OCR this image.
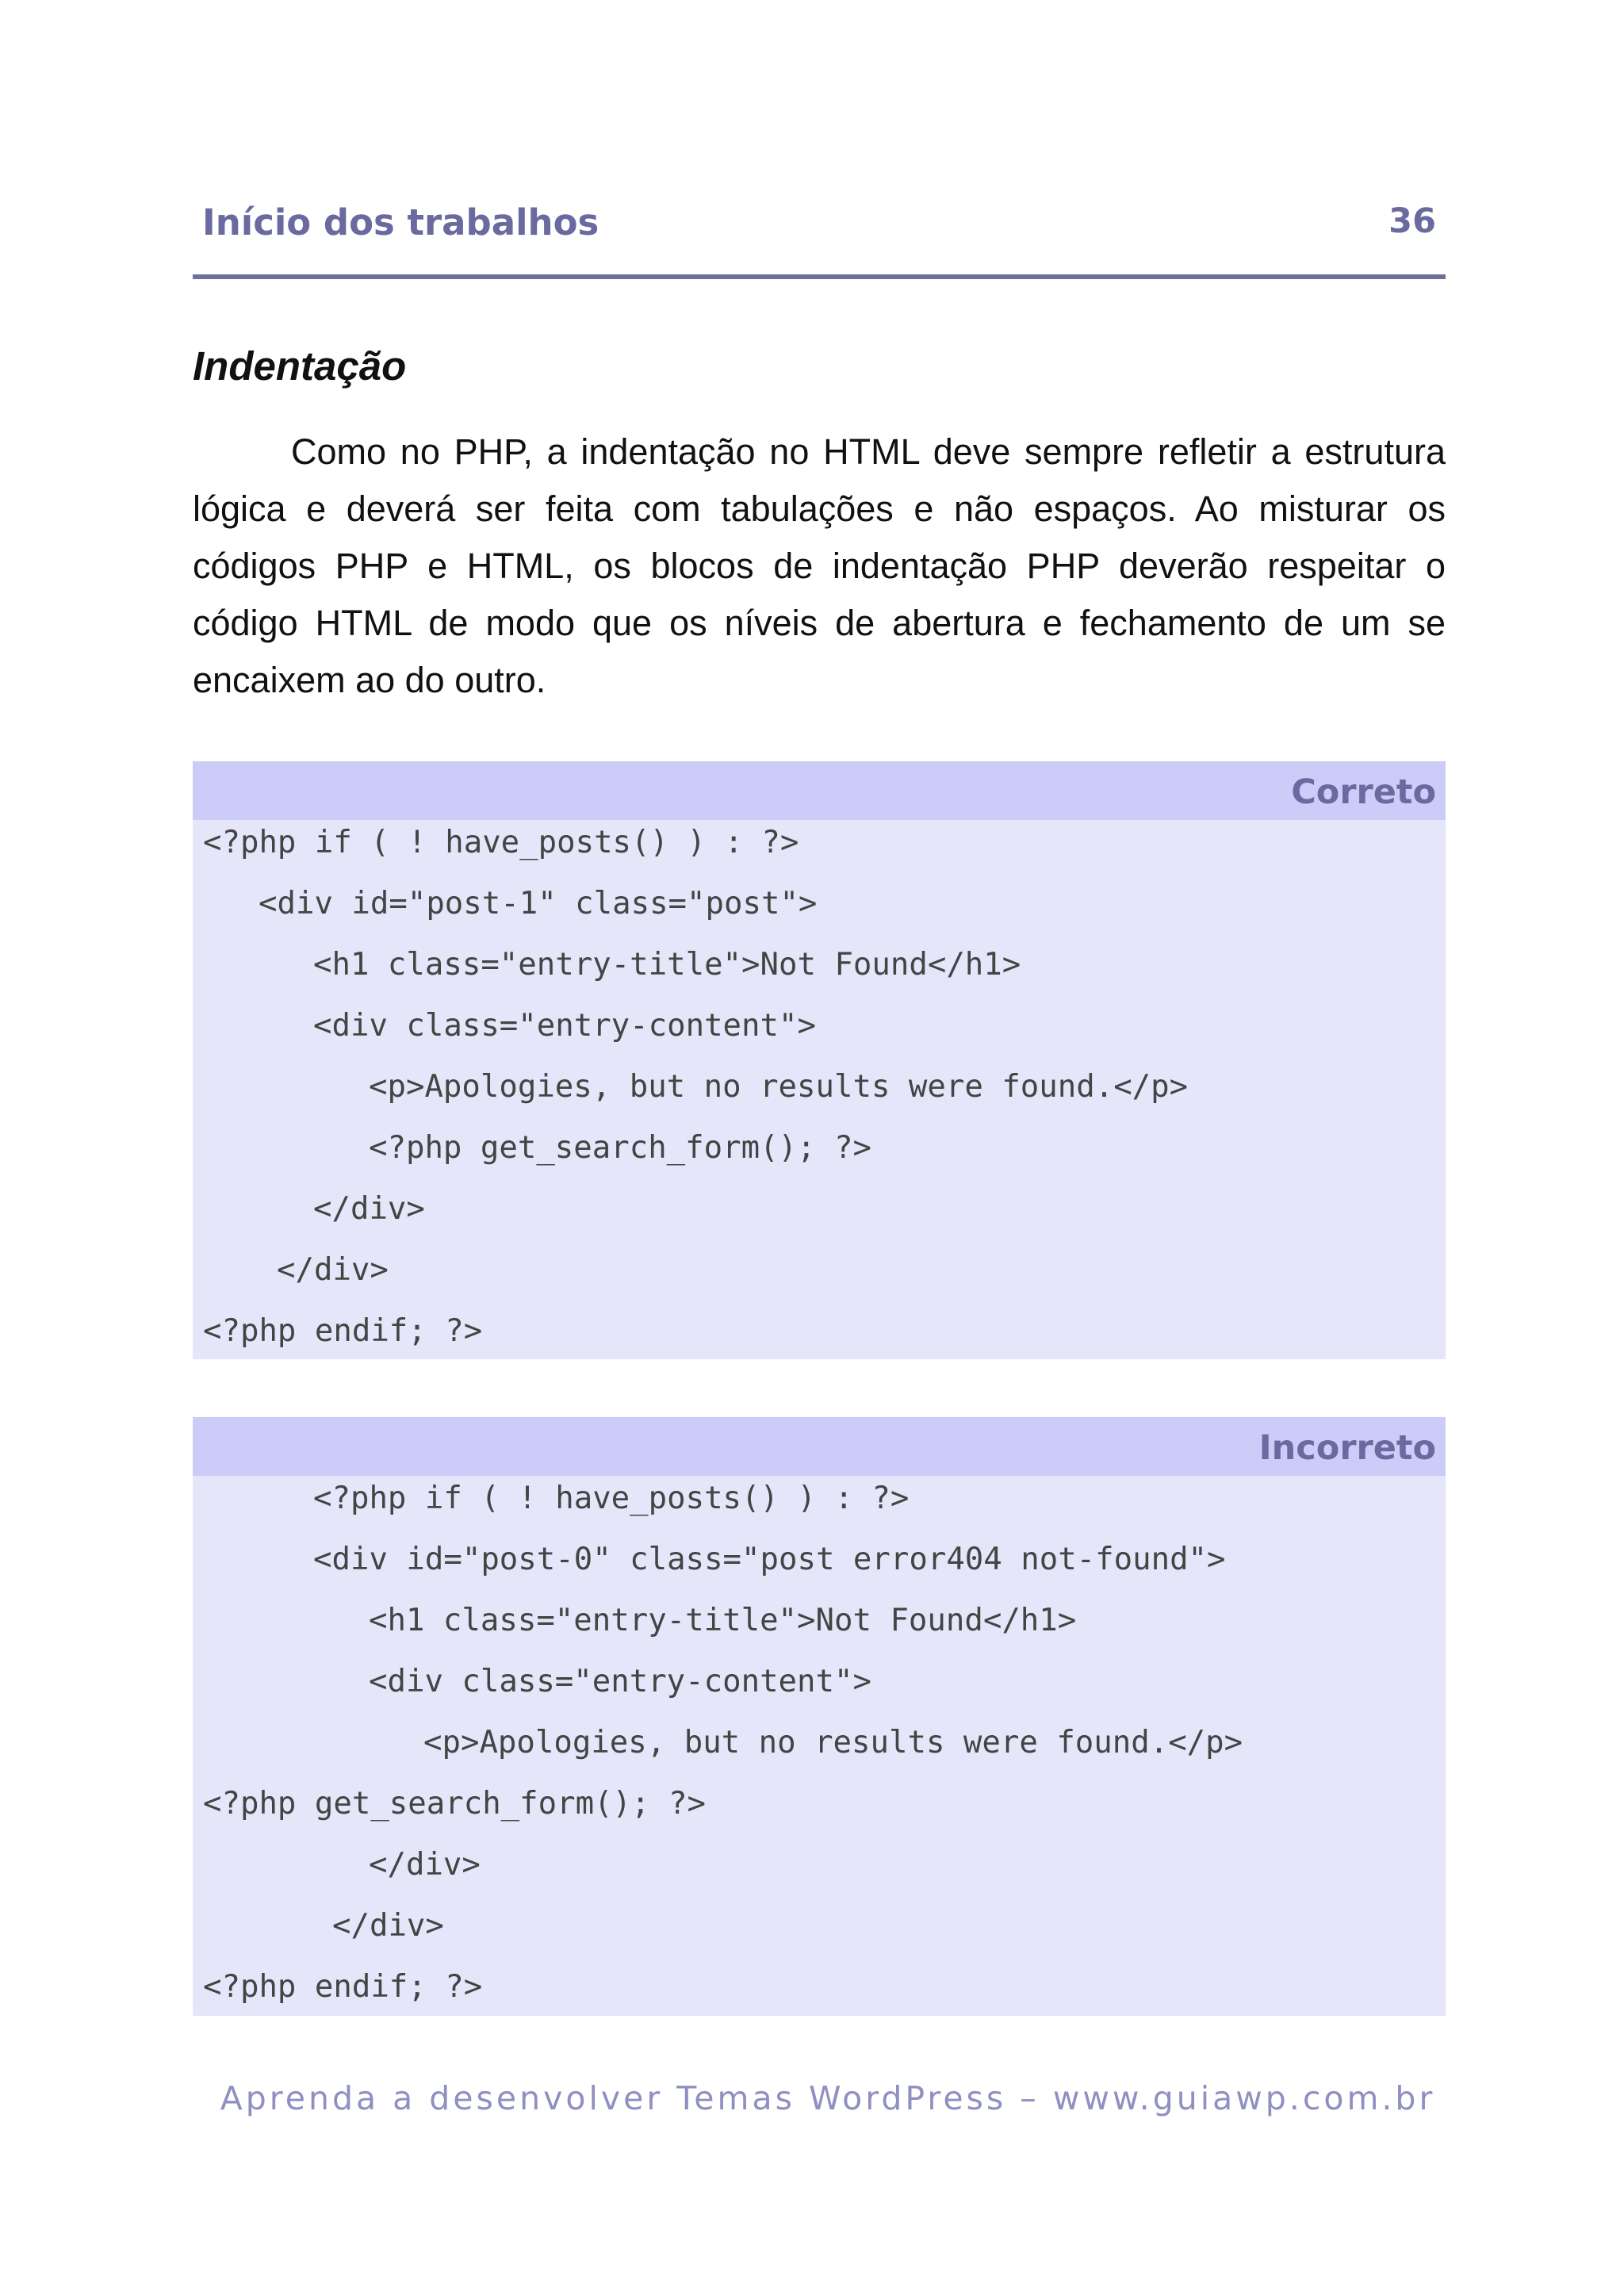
Início dos trabalhos	36
Indentação

Como no PHP, a indentação no HTML deve sempre refletir a estrutura lógica e deverá ser feita com tabulações e não espaços. Ao misturar os códigos PHP e HTML, os blocos de indentação PHP deverão respeitar o código HTML de modo que os níveis de abertura e fechamento de um se encaixem ao do outro.

Correto
<?php if ( ! have_posts() ) : ?>
<div id="post-1" class="post">
<h1 class="entry-title">Not Found</h1>
<div class="entry-content">
<p>Apologies, but no results were found.</p>
<?php get_search_form(); ?>
</div>
</div>
<?php endif; ?>
Incorreto
<?php if ( ! have_posts() ) : ?>
<div id="post-0" class="post error404 not-found">
<h1 class="entry-title">Not Found</h1>
<div class="entry-content">
<p>Apologies, but no results were found.</p>
<?php get_search_form(); ?>
</div>
</div>
<?php endif; ?>
Aprenda a desenvolver Temas WordPress – www.guiawp.com.br
